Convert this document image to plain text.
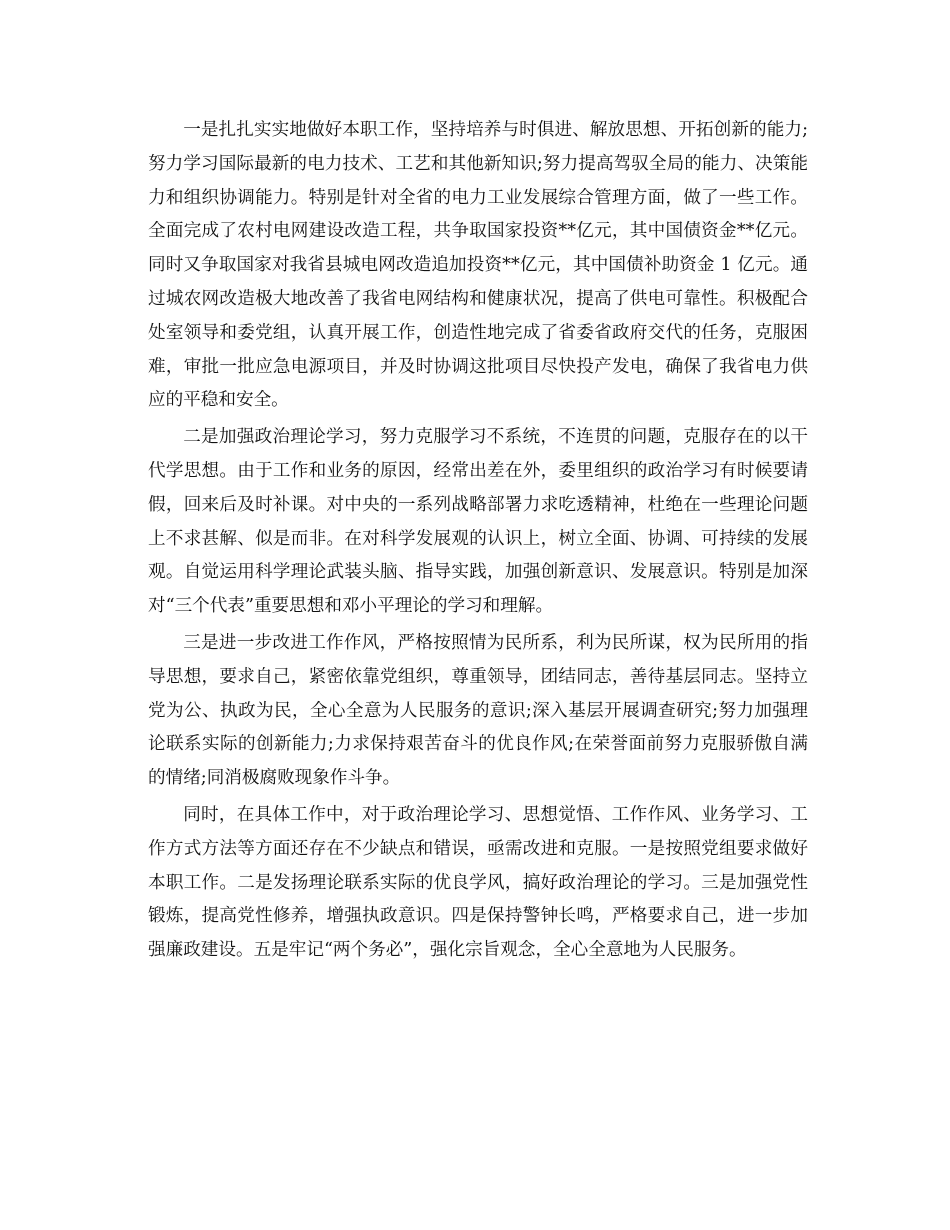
一是扎扎实实地做好本职工作，坚持培养与时俱进、解放思想、开拓创新的能力;努力学习国际最新的电力技术、工艺和其他新知识;努力提高驾驭全局的能力、决策能力和组织协调能力。特别是针对全省的电力工业发展综合管理方面，做了一些工作。全面完成了农村电网建设改造工程，共争取国家投资**亿元，其中国债资金**亿元。同时又争取国家对我省县城电网改造追加投资**亿元，其中国债补助资金 1 亿元。通过城农网改造极大地改善了我省电网结构和健康状况，提高了供电可靠性。积极配合处室领导和委党组，认真开展工作，创造性地完成了省委省政府交代的任务，克服困难，审批一批应急电源项目，并及时协调这批项目尽快投产发电，确保了我省电力供应的平稳和安全。

二是加强政治理论学习，努力克服学习不系统，不连贯的问题，克服存在的以干代学思想。由于工作和业务的原因，经常出差在外，委里组织的政治学习有时候要请假，回来后及时补课。对中央的一系列战略部署力求吃透精神，杜绝在一些理论问题上不求甚解、似是而非。在对科学发展观的认识上，树立全面、协调、可持续的发展观。自觉运用科学理论武装头脑、指导实践，加强创新意识、发展意识。特别是加深对“三个代表”重要思想和邓小平理论的学习和理解。

三是进一步改进工作作风，严格按照情为民所系，利为民所谋，权为民所用的指导思想，要求自己，紧密依靠党组织，尊重领导，团结同志，善待基层同志。坚持立党为公、执政为民，全心全意为人民服务的意识;深入基层开展调查研究;努力加强理论联系实际的创新能力;力求保持艰苦奋斗的优良作风;在荣誉面前努力克服骄傲自满的情绪;同消极腐败现象作斗争。

同时，在具体工作中，对于政治理论学习、思想觉悟、工作作风、业务学习、工作方式方法等方面还存在不少缺点和错误，亟需改进和克服。一是按照党组要求做好本职工作。二是发扬理论联系实际的优良学风，搞好政治理论的学习。三是加强党性锻炼，提高党性修养，增强执政意识。四是保持警钟长鸣，严格要求自己，进一步加强廉政建设。五是牢记“两个务必”，强化宗旨观念，全心全意地为人民服务。
